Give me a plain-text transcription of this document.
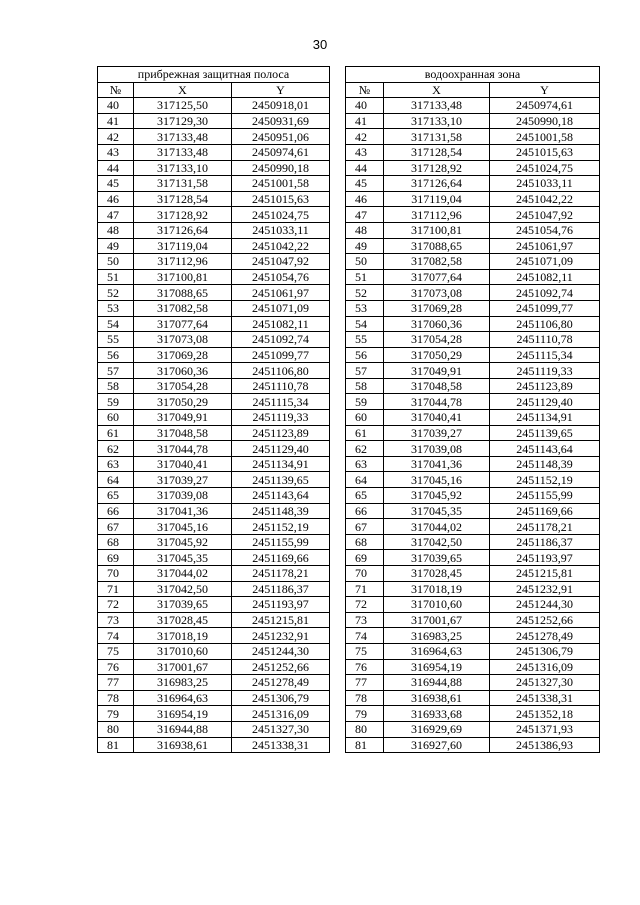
30
прибрежная защитная полоса				водоохранная зона		
№	X	Y		№	X	Y
40	317125,50	2450918,01		40	317133,48	2450974,61
41	317129,30	2450931,69		41	317133,10	2450990,18
42	317133,48	2450951,06		42	317131,58	2451001,58
43	317133,48	2450974,61		43	317128,54	2451015,63
44	317133,10	2450990,18		44	317128,92	2451024,75
45	317131,58	2451001,58		45	317126,64	2451033,11
46	317128,54	2451015,63		46	317119,04	2451042,22
47	317128,92	2451024,75		47	317112,96	2451047,92
48	317126,64	2451033,11		48	317100,81	2451054,76
49	317119,04	2451042,22		49	317088,65	2451061,97
50	317112,96	2451047,92		50	317082,58	2451071,09
51	317100,81	2451054,76		51	317077,64	2451082,11
52	317088,65	2451061,97		52	317073,08	2451092,74
53	317082,58	2451071,09		53	317069,28	2451099,77
54	317077,64	2451082,11		54	317060,36	2451106,80
55	317073,08	2451092,74		55	317054,28	2451110,78
56	317069,28	2451099,77		56	317050,29	2451115,34
57	317060,36	2451106,80		57	317049,91	2451119,33
58	317054,28	2451110,78		58	317048,58	2451123,89
59	317050,29	2451115,34		59	317044,78	2451129,40
60	317049,91	2451119,33		60	317040,41	2451134,91
61	317048,58	2451123,89		61	317039,27	2451139,65
62	317044,78	2451129,40		62	317039,08	2451143,64
63	317040,41	2451134,91		63	317041,36	2451148,39
64	317039,27	2451139,65		64	317045,16	2451152,19
65	317039,08	2451143,64		65	317045,92	2451155,99
66	317041,36	2451148,39		66	317045,35	2451169,66
67	317045,16	2451152,19		67	317044,02	2451178,21
68	317045,92	2451155,99		68	317042,50	2451186,37
69	317045,35	2451169,66		69	317039,65	2451193,97
70	317044,02	2451178,21		70	317028,45	2451215,81
71	317042,50	2451186,37		71	317018,19	2451232,91
72	317039,65	2451193,97		72	317010,60	2451244,30
73	317028,45	2451215,81		73	317001,67	2451252,66
74	317018,19	2451232,91		74	316983,25	2451278,49
75	317010,60	2451244,30		75	316964,63	2451306,79
76	317001,67	2451252,66		76	316954,19	2451316,09
77	316983,25	2451278,49		77	316944,88	2451327,30
78	316964,63	2451306,79		78	316938,61	2451338,31
79	316954,19	2451316,09		79	316933,68	2451352,18
80	316944,88	2451327,30		80	316929,69	2451371,93
81	316938,61	2451338,31		81	316927,60	2451386,93
